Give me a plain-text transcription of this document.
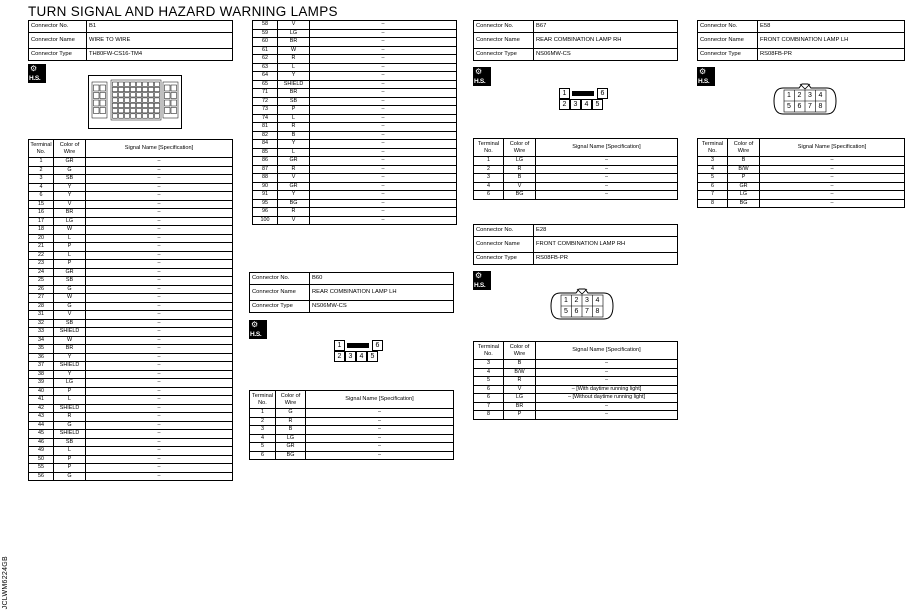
TURN SIGNAL AND HAZARD WARNING LAMPS
JCLWM6224GB
Connector No.	B1
Connector Name	WIRE TO WIRE
Connector Type	TH80FW-CS16-TM4
⚙
H.S.
Terminal No.	Color of Wire	Signal Name [Specification]
1	GR	–
2	G	–
3	SB	–
4	Y	–
6	Y	–
15	V	–
16	BR	–
17	LG	–
18	W	–
20	L	–
21	P	–
22	L	–
23	P	–
24	GR	–
25	SB	–
26	G	–
27	W	–
28	G	–
31	V	–
32	SB	–
33	SHIELD	–
34	W	–
35	BR	–
36	Y	–
37	SHIELD	–
38	Y	–
39	LG	–
40	P	–
41	L	–
42	SHIELD	–
43	R	–
44	G	–
45	SHIELD	–
46	SB	–
49	L	–
50	P	–
55	P	–
56	G	–
58	V	–
59	LG	–
60	BR	–
61	W	–
62	R	–
63	L	–
64	Y	–
65	SHIELD	–
71	BR	–
72	SB	–
73	P	–
74	L	–
81	R	–
82	B	–
84	Y	–
85	L	–
86	GR	–
87	R	–
88	V	–
90	GR	–
91	Y	–
95	BG	–
96	R	–
100	V	–
Connector No.	B60
Connector Name	REAR COMBINATION LAMP LH
Connector Type	NS06MW-CS
⚙
H.S.
1	6
2	3	4	5
Terminal No.	Color of Wire	Signal Name [Specification]
1	G	–
2	R	–
3	B	–
4	LG	–
5	GR	–
6	BG	–
Connector No.	B67
Connector Name	REAR COMBINATION LAMP RH
Connector Type	NS06MW-CS
⚙
H.S.
1	6
2	3	4	5
Terminal No.	Color of Wire	Signal Name [Specification]
1	LG	–
2	R	–
3	B	–
4	V	–
6	BG	–
Connector No.	E28
Connector Name	FRONT COMBINATION LAMP RH
Connector Type	RS08FB-PR
⚙
H.S.
1 2 3 4
5 6 7 8
Terminal No.	Color of Wire	Signal Name [Specification]
3	B	–
4	B/W	–
5	R	–
6	V	– [With daytime running light]
6	LG	– [Without daytime running light]
7	BR	–
8	P	–
Connector No.	E58
Connector Name	FRONT COMBINATION LAMP LH
Connector Type	RS08FB-PR
⚙
H.S.
1 2 3 4
5 6 7 8
Terminal No.	Color of Wire	Signal Name [Specification]
3	B	–
4	B/W	–
5	P	–
6	GR	–
7	LG	–
8	BG	–
